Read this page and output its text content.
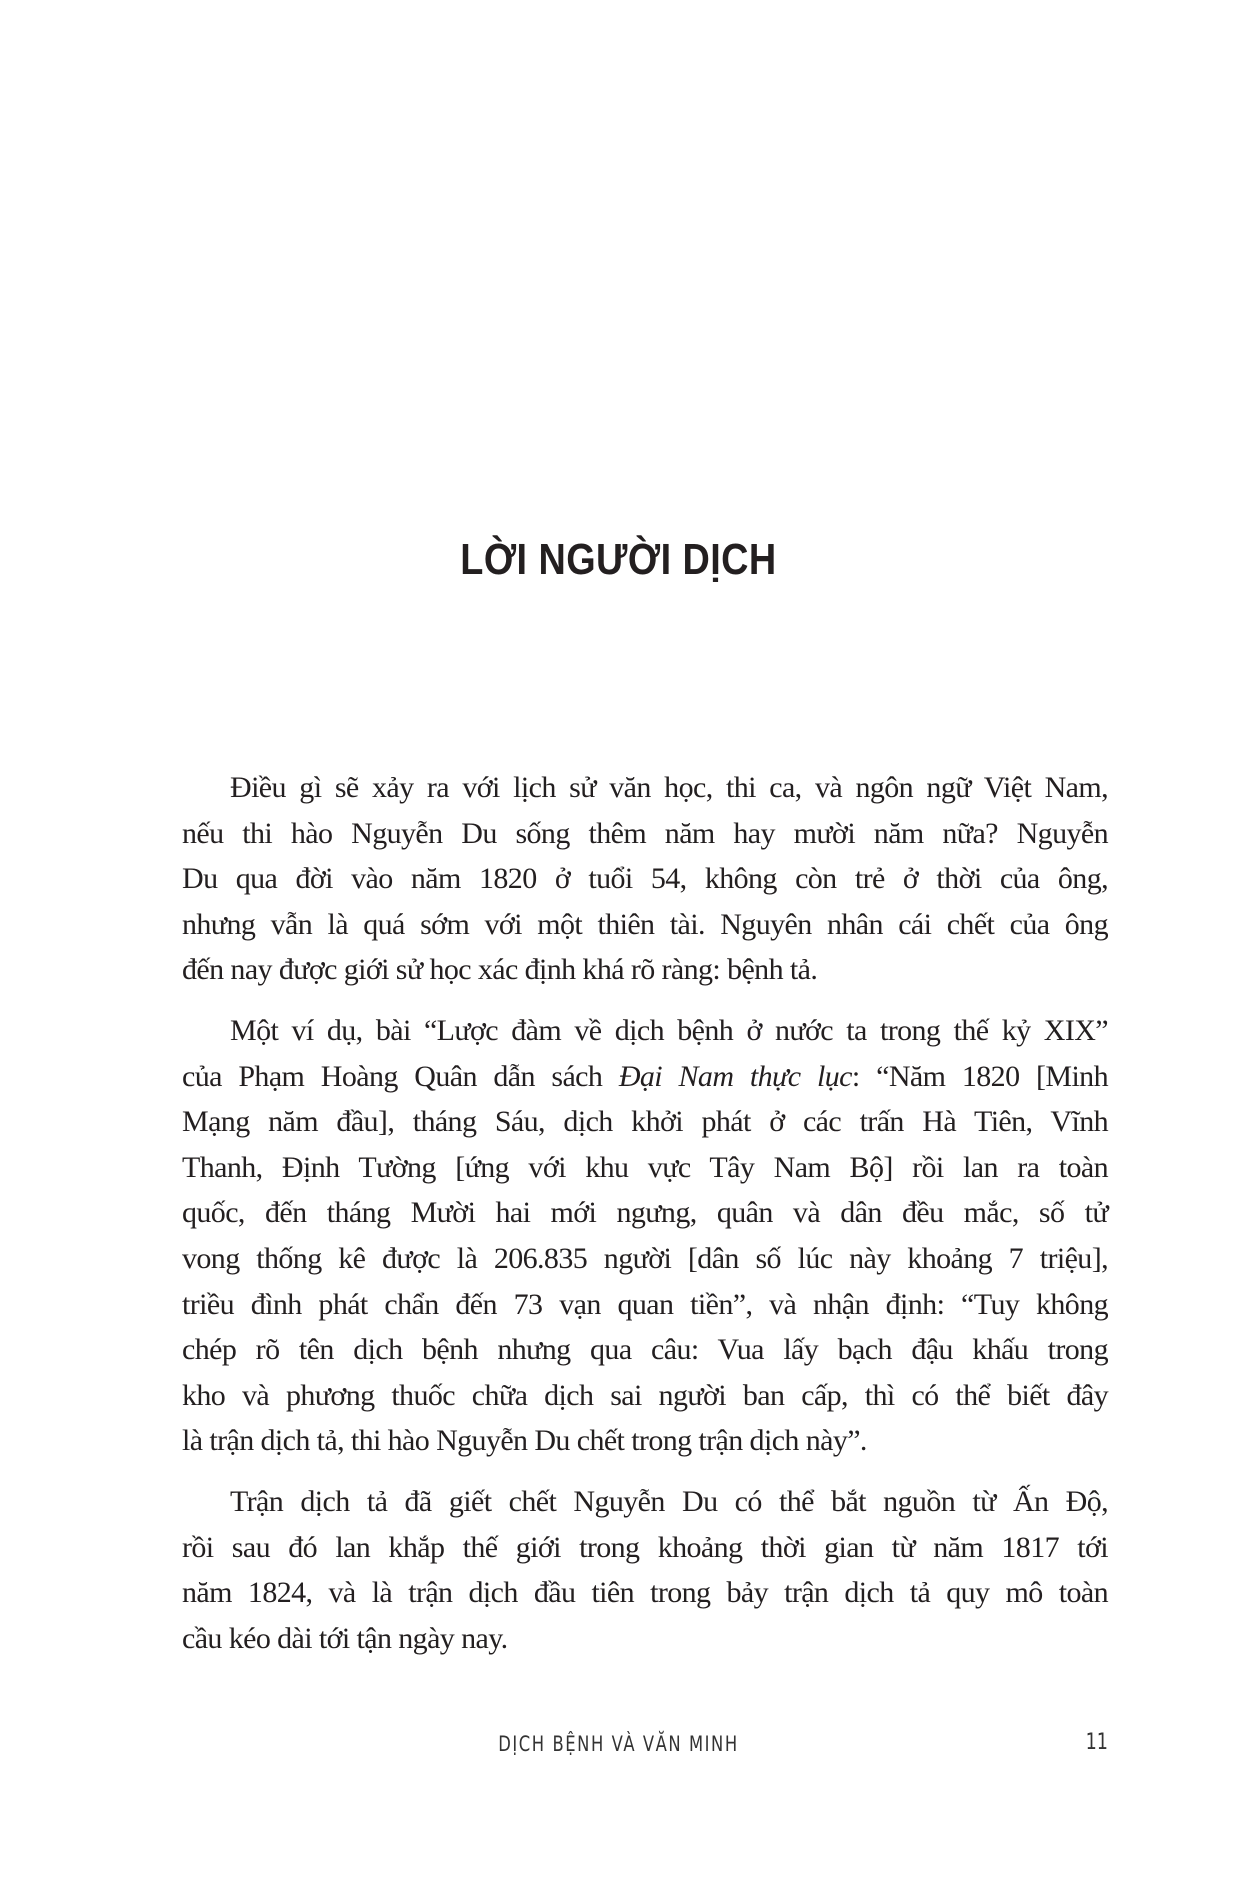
LỜI NGƯỜI DỊCH

Điều gì sẽ xảy ra với lịch sử văn học, thi ca, và ngôn ngữ Việt Nam,
nếu thi hào Nguyễn Du sống thêm năm hay mười năm nữa? Nguyễn
Du qua đời vào năm 1820 ở tuổi 54, không còn trẻ ở thời của ông,
nhưng vẫn là quá sớm với một thiên tài. Nguyên nhân cái chết của ông
đến nay được giới sử học xác định khá rõ ràng: bệnh tả.

Một ví dụ, bài “Lược đàm về dịch bệnh ở nước ta trong thế kỷ XIX”
của Phạm Hoàng Quân dẫn sách Đại Nam thực lục: “Năm 1820 [Minh
Mạng năm đầu], tháng Sáu, dịch khởi phát ở các trấn Hà Tiên, Vĩnh
Thanh, Định Tường [ứng với khu vực Tây Nam Bộ] rồi lan ra toàn
quốc, đến tháng Mười hai mới ngưng, quân và dân đều mắc, số tử
vong thống kê được là 206.835 người [dân số lúc này khoảng 7 triệu],
triều đình phát chẩn đến 73 vạn quan tiền”, và nhận định: “Tuy không
chép rõ tên dịch bệnh nhưng qua câu: Vua lấy bạch đậu khấu trong
kho và phương thuốc chữa dịch sai người ban cấp, thì có thể biết đây
là trận dịch tả, thi hào Nguyễn Du chết trong trận dịch này”.

Trận dịch tả đã giết chết Nguyễn Du có thể bắt nguồn từ Ấn Độ,
rồi sau đó lan khắp thế giới trong khoảng thời gian từ năm 1817 tới
năm 1824, và là trận dịch đầu tiên trong bảy trận dịch tả quy mô toàn
cầu kéo dài tới tận ngày nay.

DỊCH BỆNH VÀ VĂN MINH	11
